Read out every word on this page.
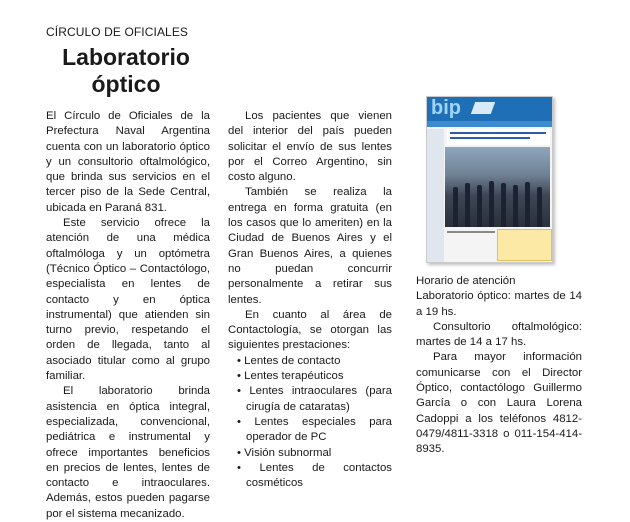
CÍRCULO DE OFICIALES
Laboratorio óptico

El Círculo de Oficiales de la Prefectura Naval Argentina cuenta con un laboratorio óptico y un consultorio oftalmológico, que brinda sus servicios en el tercer piso de la Sede Central, ubicada en Paraná 831.

Este servicio ofrece la atención de una médica oftalmóloga y un optómetra (Técnico Óptico – Contactólogo, especialista en lentes de contacto y en óptica instrumental) que atienden sin turno previo, respetando el orden de llegada, tanto al asociado titular como al grupo familiar.

El laboratorio brinda asistencia en óptica integral, especializada, convencional, pediátrica e instrumental y ofrece importantes beneficios en precios de lentes, lentes de contacto e intraoculares. Además, estos pueden pagarse por el sistema mecanizado.

Los pacientes que vienen del interior del país pueden solicitar el envío de sus lentes por el Correo Argentino, sin costo alguno.

También se realiza la entrega en forma gratuita (en los casos que lo ameriten) en la Ciudad de Buenos Aires y el Gran Buenos Aires, a quienes no puedan concurrir personalmente a retirar sus lentes.

En cuanto al área de Contactología, se otorgan las siguientes prestaciones:

• Lentes de contacto

• Lentes terapéuticos

• Lentes intraoculares (para cirugía de cataratas)

• Lentes especiales para operador de PC

• Visión subnormal

• Lentes de contactos cosméticos

bip

Horario de atención

Laboratorio óptico: martes de 14 a 19 hs.

Consultorio oftalmológico: martes de 14 a 17 hs.

Para mayor información comunicarse con el Director Óptico, contactólogo Guillermo García o con Laura Lorena Cadoppi a los teléfonos 4812-0479/4811-3318 o 011-154-414-8935.
